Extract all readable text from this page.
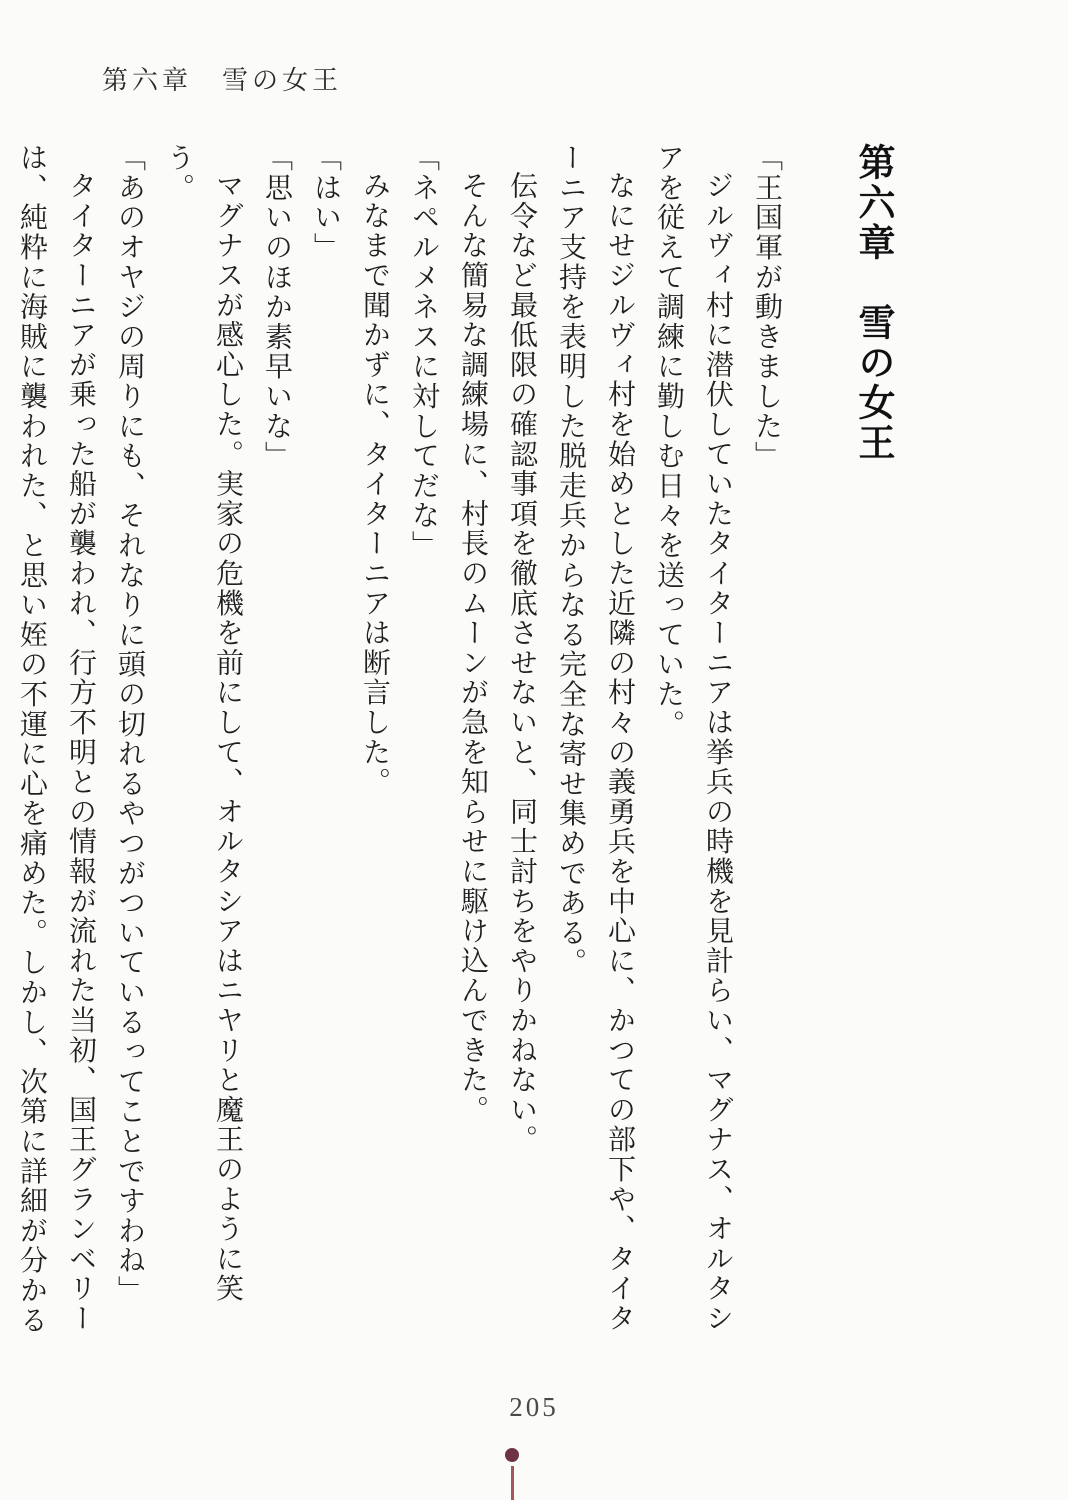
第六章　雪の女王
第六章　雪の女王
「王国軍が動きました」
ジルヴィ村に潜伏していたタイターニアは挙兵の時機を見計らい、マグナス、オルタシ
アを従えて調練に勤しむ日々を送っていた。
なにせジルヴィ村を始めとした近隣の村々の義勇兵を中心に、かつての部下や、タイタ
ーニア支持を表明した脱走兵からなる完全な寄せ集めである。
伝令など最低限の確認事項を徹底させないと、同士討ちをやりかねない。
そんな簡易な調練場に、村長のムーンが急を知らせに駆け込んできた。
「ネペルメネスに対してだな」
みなまで聞かずに、タイターニアは断言した。
「はい」
「思いのほか素早いな」
マグナスが感心した。実家の危機を前にして、オルタシアはニヤリと魔王のように笑う。
「あのオヤジの周りにも、それなりに頭の切れるやつがついているってことですわね」
タイターニアが乗った船が襲われ、行方不明との情報が流れた当初、国王グランベリー
は、純粋に海賊に襲われた、と思い姪の不運に心を痛めた。しかし、次第に詳細が分かる
205
